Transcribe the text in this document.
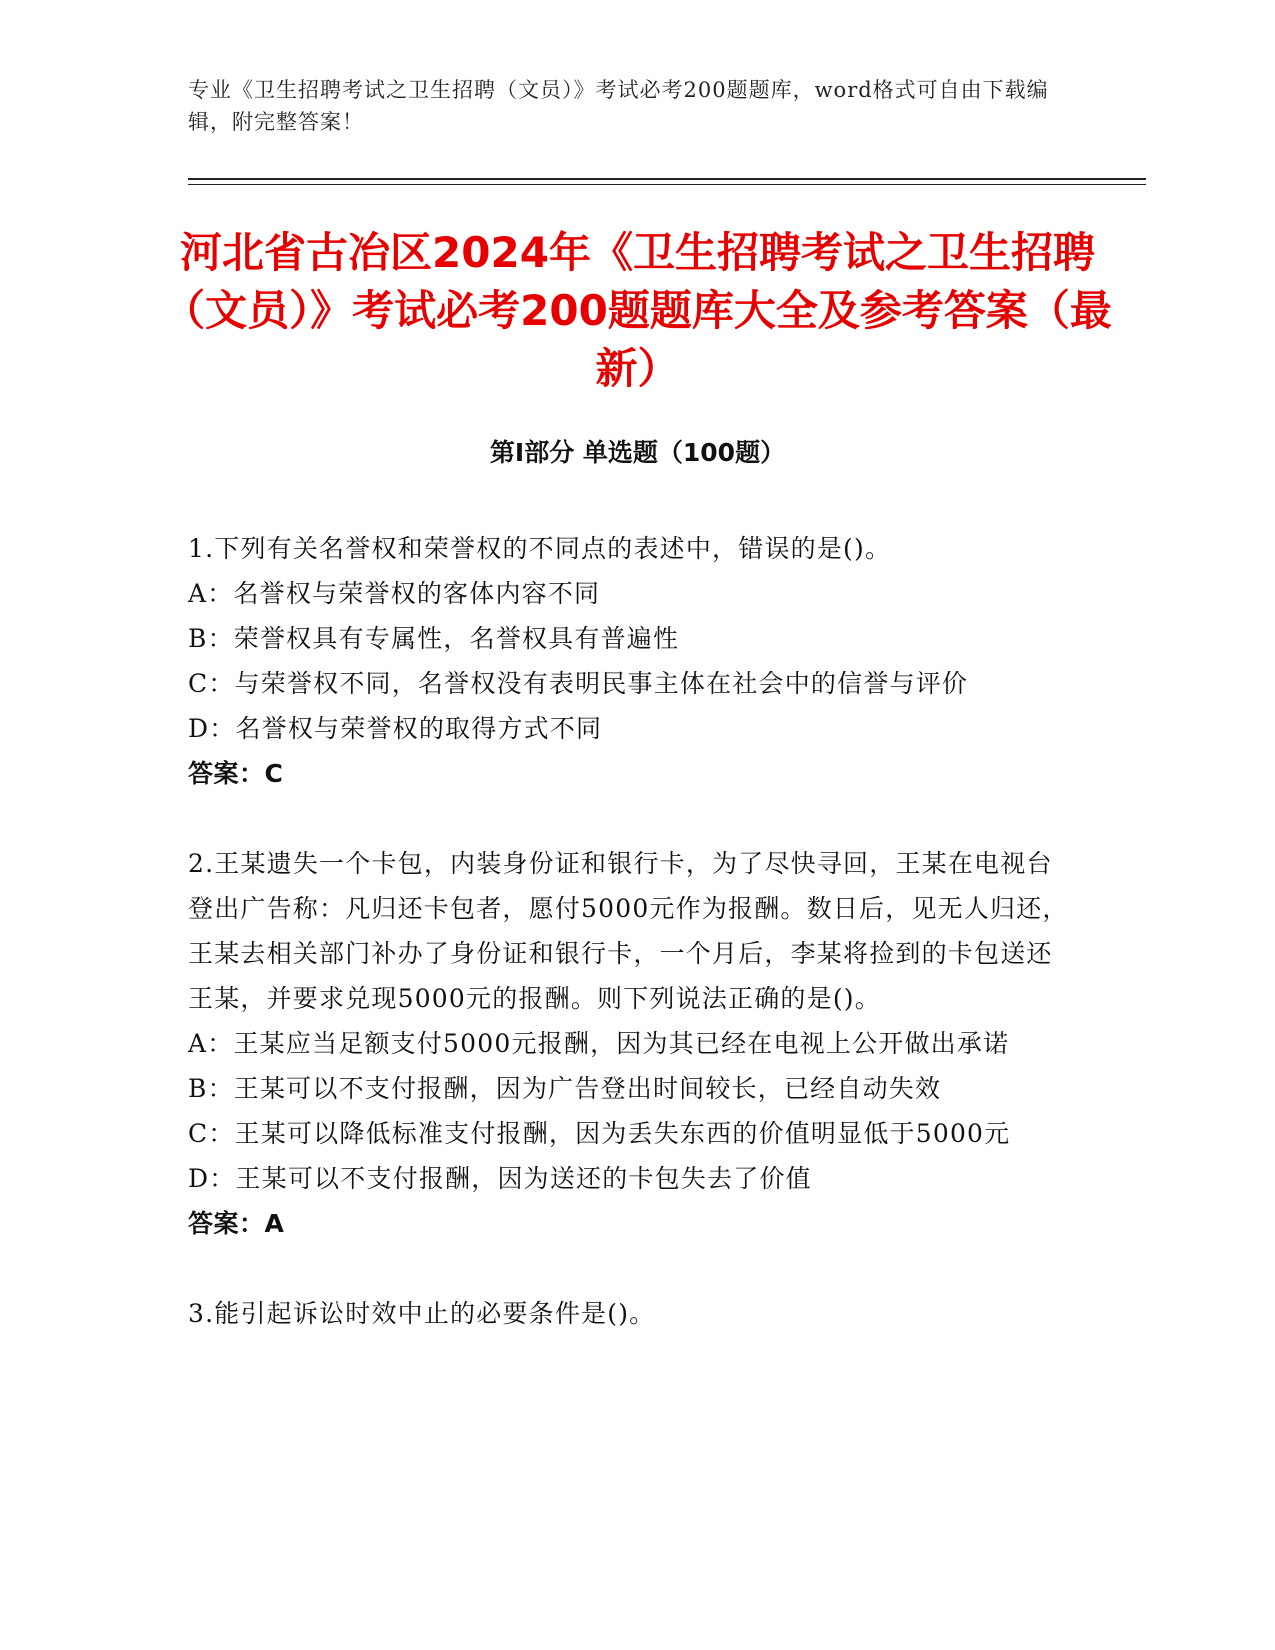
专业《卫生招聘考试之卫生招聘（文员）》考试必考200题题库，word格式可自由下载编辑，附完整答案！
河北省古冶区2024年《卫生招聘考试之卫生招聘（文员）》考试必考200题题库大全及参考答案（最新）
第Ⅰ部分 单选题（100题）
1.下列有关名誉权和荣誉权的不同点的表述中，错误的是()。
A：名誉权与荣誉权的客体内容不同
B：荣誉权具有专属性，名誉权具有普遍性
C：与荣誉权不同，名誉权没有表明民事主体在社会中的信誉与评价
D：名誉权与荣誉权的取得方式不同
答案：C
2.王某遗失一个卡包，内装身份证和银行卡，为了尽快寻回，王某在电视台登出广告称：凡归还卡包者，愿付5000元作为报酬。数日后，见无人归还，王某去相关部门补办了身份证和银行卡，一个月后，李某将捡到的卡包送还王某，并要求兑现5000元的报酬。则下列说法正确的是()。
A：王某应当足额支付5000元报酬，因为其已经在电视上公开做出承诺
B：王某可以不支付报酬，因为广告登出时间较长，已经自动失效
C：王某可以降低标准支付报酬，因为丢失东西的价值明显低于5000元
D：王某可以不支付报酬，因为送还的卡包失去了价值
答案：A
3.能引起诉讼时效中止的必要条件是()。
